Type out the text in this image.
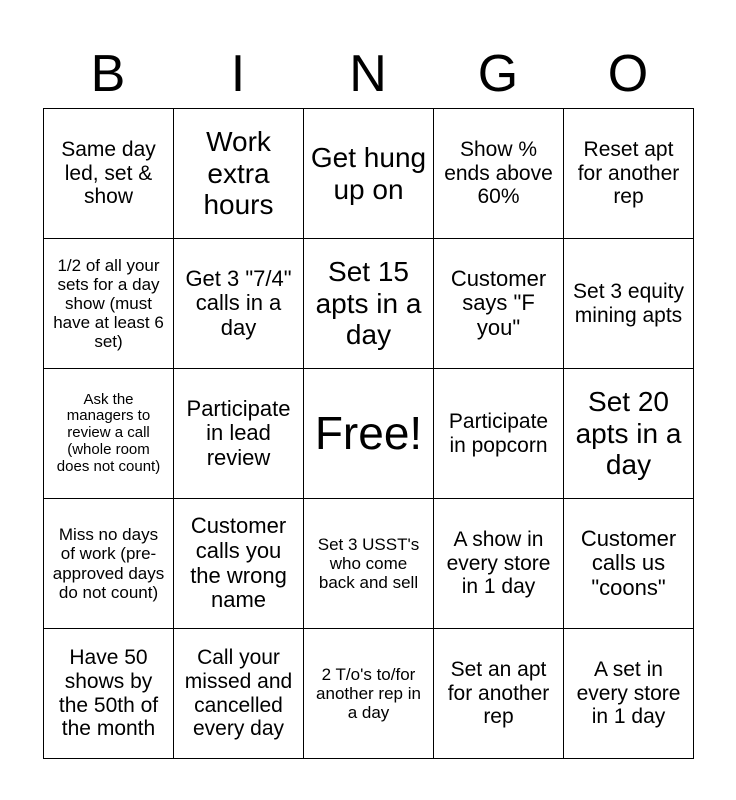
B	I	N	G	O
Same day led, set & show
Work extra hours
Get hung up on
Show % ends above 60%
Reset apt for another rep
1/2 of all your sets for a day show (must have at least 6 set)
Get 3 "7/4" calls in a day
Set 15 apts in a day
Customer says "F you"
Set 3 equity mining apts
Ask the managers to review a call (whole room does not count)
Participate in lead review Free!	Participate in popcorn
Set 20 apts in a day
Miss no days of work (pre-approved days do not count)
Customer calls you the wrong name
Set 3 USST's who come back and sell
A show in every store in 1 day
Customer calls us "coons"
Have 50 shows by the 50th of the month
Call your missed and cancelled every day
2 T/o's to/for another rep in a day
Set an apt for another rep
A set in every store in 1 day
